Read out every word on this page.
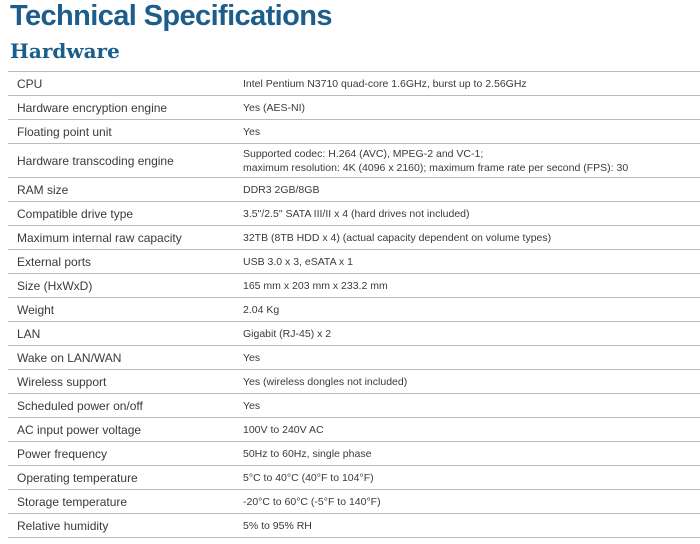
Technical Specifications
Hardware
CPU	Intel Pentium N3710 quad-core 1.6GHz, burst up to 2.56GHz
Hardware encryption engine	Yes (AES-NI)
Floating point unit	Yes
Hardware transcoding engine	Supported codec: H.264 (AVC), MPEG-2 and VC-1;
maximum resolution: 4K (4096 x 2160); maximum frame rate per second (FPS): 30
RAM size	DDR3 2GB/8GB
Compatible drive type	3.5"/2.5" SATA III/II x 4 (hard drives not included)
Maximum internal raw capacity	32TB (8TB HDD x 4) (actual capacity dependent on volume types)
External ports	USB 3.0 x 3, eSATA x 1
Size (HxWxD)	165 mm x 203 mm x 233.2 mm
Weight	2.04 Kg
LAN	Gigabit (RJ-45) x 2
Wake on LAN/WAN	Yes
Wireless support	Yes (wireless dongles not included)
Scheduled power on/off	Yes
AC input power voltage	100V to 240V AC
Power frequency	50Hz to 60Hz, single phase
Operating temperature	5°C to 40°C (40°F to 104°F)
Storage temperature	-20°C to 60°C (-5°F to 140°F)
Relative humidity	5% to 95% RH
